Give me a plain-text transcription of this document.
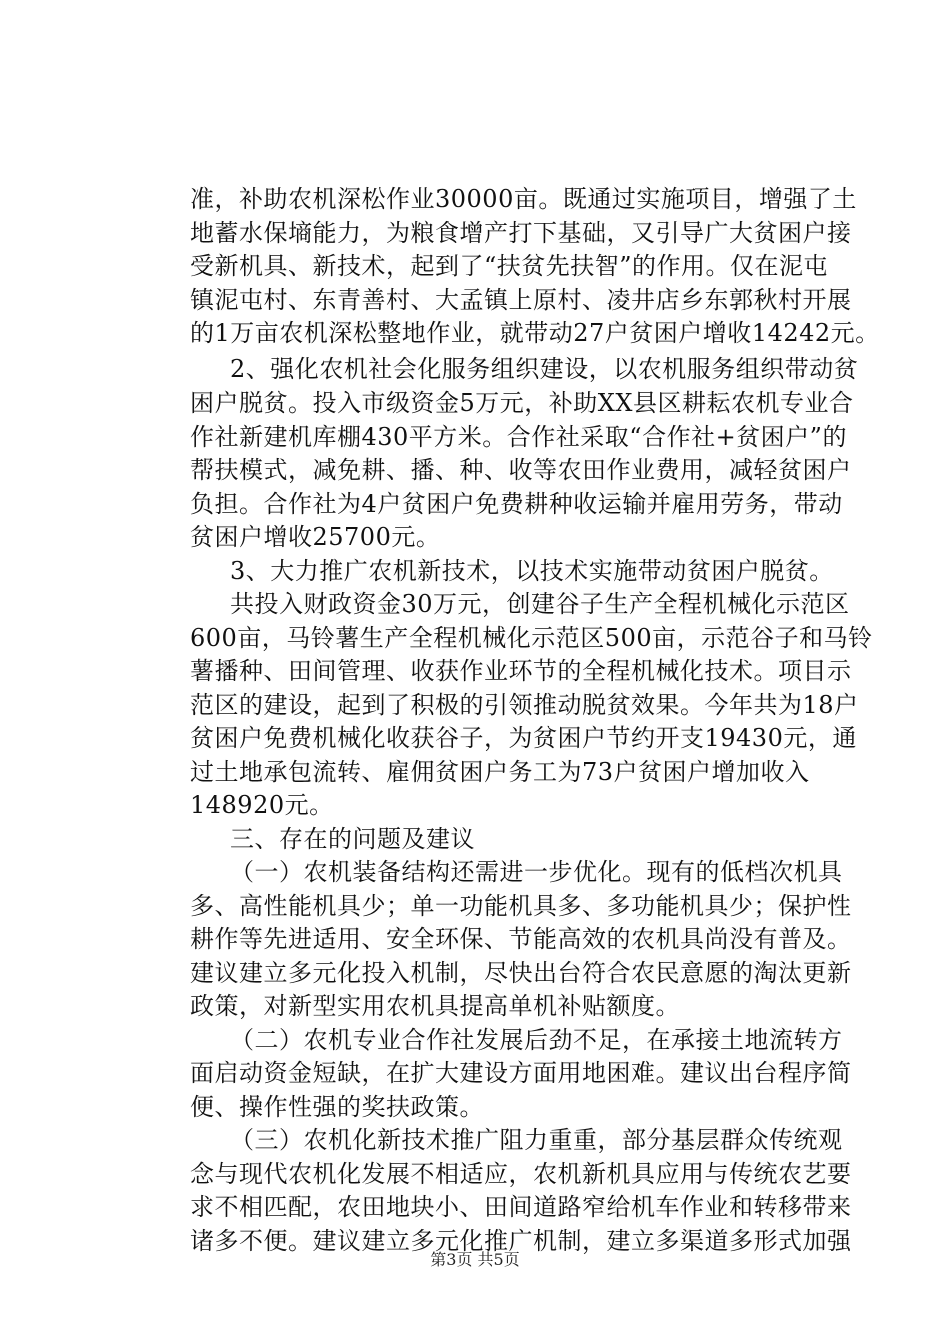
准，补助农机深松作业30000亩。既通过实施项目，增强了土
地蓄水保墒能力，为粮食增产打下基础，又引导广大贫困户接
受新机具、新技术，起到了“扶贫先扶智”的作用。仅在泥屯
镇泥屯村、东青善村、大孟镇上原村、凌井店乡东郭秋村开展
的1万亩农机深松整地作业，就带动27户贫困户增收14242元。
2、强化农机社会化服务组织建设，以农机服务组织带动贫
困户脱贫。投入市级资金5万元，补助XX县区耕耘农机专业合
作社新建机库棚430平方米。合作社采取“合作社+贫困户”的
帮扶模式，减免耕、播、种、收等农田作业费用，减轻贫困户
负担。合作社为4户贫困户免费耕种收运输并雇用劳务，带动
贫困户增收25700元。
3、大力推广农机新技术，以技术实施带动贫困户脱贫。
共投入财政资金30万元，创建谷子生产全程机械化示范区
600亩，马铃薯生产全程机械化示范区500亩，示范谷子和马铃
薯播种、田间管理、收获作业环节的全程机械化技术。项目示
范区的建设，起到了积极的引领推动脱贫效果。今年共为18户
贫困户免费机械化收获谷子，为贫困户节约开支19430元，通
过土地承包流转、雇佣贫困户务工为73户贫困户增加收入
148920元。
三、存在的问题及建议
（一）农机装备结构还需进一步优化。现有的低档次机具
多、高性能机具少；单一功能机具多、多功能机具少；保护性
耕作等先进适用、安全环保、节能高效的农机具尚没有普及。
建议建立多元化投入机制，尽快出台符合农民意愿的淘汰更新
政策，对新型实用农机具提高单机补贴额度。
（二）农机专业合作社发展后劲不足，在承接土地流转方
面启动资金短缺，在扩大建设方面用地困难。建议出台程序简
便、操作性强的奖扶政策。
（三）农机化新技术推广阻力重重，部分基层群众传统观
念与现代农机化发展不相适应，农机新机具应用与传统农艺要
求不相匹配，农田地块小、田间道路窄给机车作业和转移带来
诸多不便。建议建立多元化推广机制，建立多渠道多形式加强
第3页 共5页
